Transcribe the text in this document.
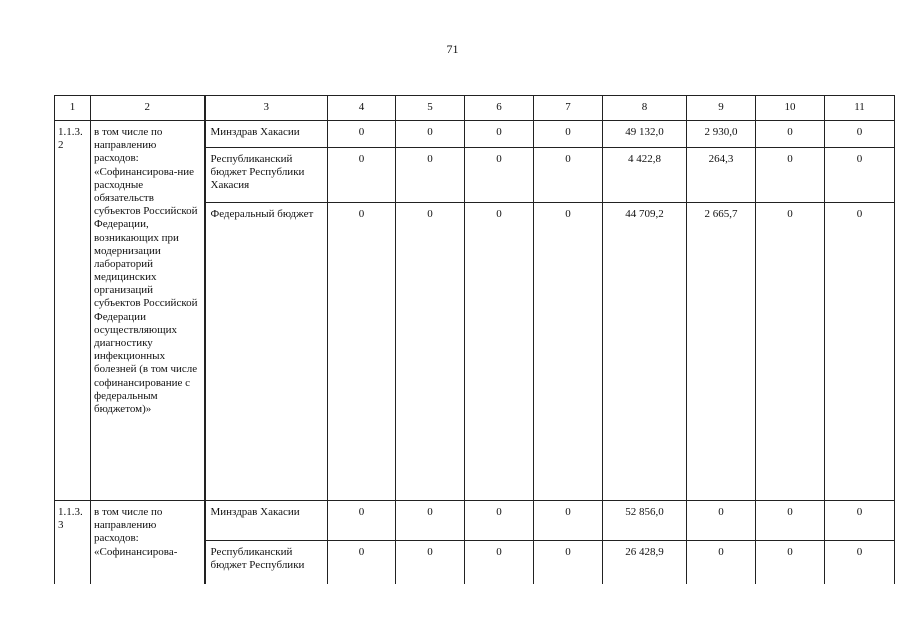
71
1	2	3	4	5	6	7	8	9	10	11
1.1.3.
2	в том числе по направлению расходов: «Софинансирова-ние расходные обязательств субъектов Российской Федерации, возникающих при модернизации лабораторий медицинских организаций субъектов Российской Федерации осуществляющих диагностику инфекционных болезней (в том числе софинансирование с федеральным бюджетом)»	Минздрав Хакасии	0	0	0	0	49 132,0	2 930,0	0	0
		Республиканский бюджет Республики Хакасия	0	0	0	0	4 422,8	264,3	0	0
		Федеральный бюджет	0	0	0	0	44 709,2	2 665,7	0	0
1.1.3.
3	в том числе по направлению расходов: «Софинансирова-	Минздрав Хакасии	0	0	0	0	52 856,0	0	0	0
		Республиканский бюджет Республики	0	0	0	0	26 428,9	0	0	0
